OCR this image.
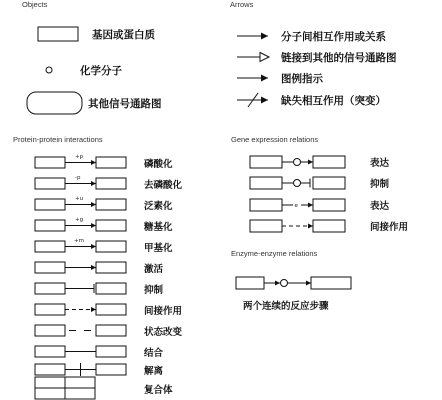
Objects	Arrows
Protein-protein interactions	Gene expression relations
Enzyme-enzyme relations
+p
-p
+u
+g
+m
e
基因或蛋白质
化学分子
其他信号通路图
分子间相互作用或关系
链接到其他的信号通路图
图例指示
缺失相互作用（突变）
磷酸化
去磷酸化
泛素化
糖基化
甲基化
激活
抑制
间接作用
状态改变
结合
解离
复合体
表达
抑制
表达
间接作用
两个连续的反应步骤
